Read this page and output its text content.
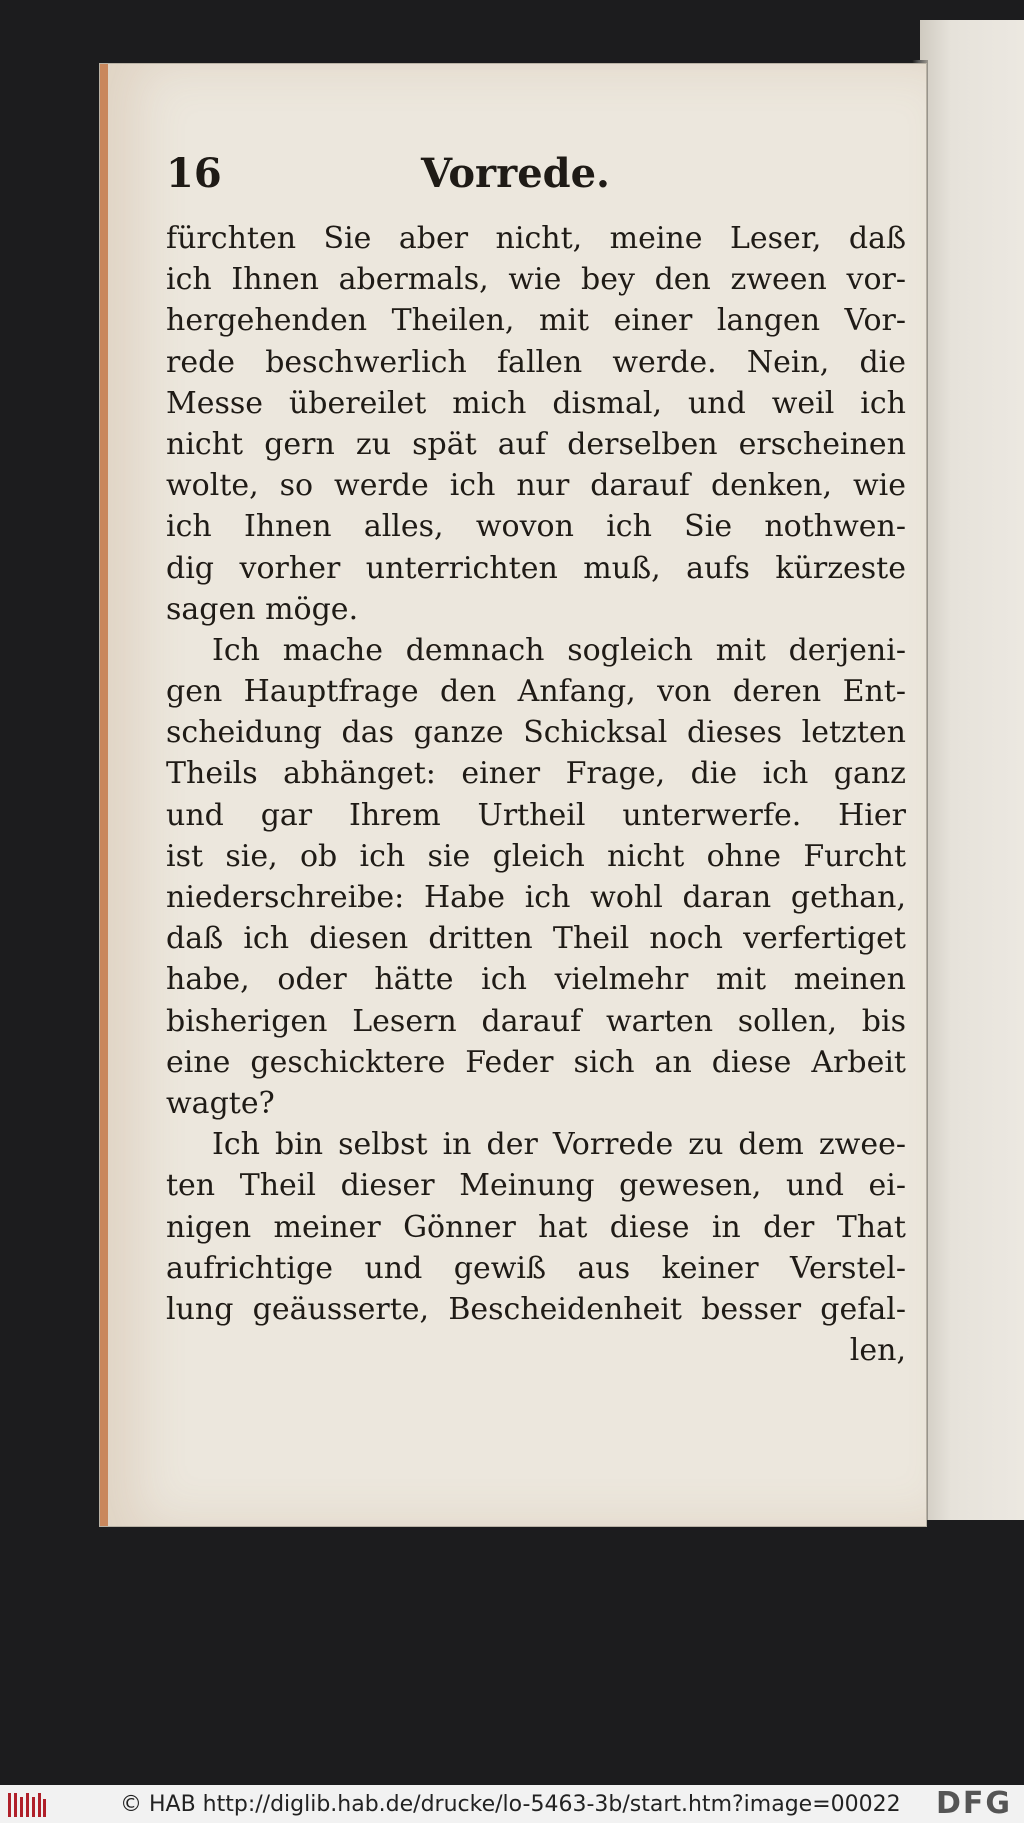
16	Vorrede.
fürchten Sie aber nicht, meine Leser, daß
ich Ihnen abermals, wie bey den zween vor-
hergehenden Theilen, mit einer langen Vor-
rede beschwerlich fallen werde. Nein, die
Messe übereilet mich dismal, und weil ich
nicht gern zu spät auf derselben erscheinen
wolte, so werde ich nur darauf denken, wie
ich Ihnen alles, wovon ich Sie nothwen-
dig vorher unterrichten muß, aufs kürzeste
sagen möge.
Ich mache demnach sogleich mit derjeni-
gen Hauptfrage den Anfang, von deren Ent-
scheidung das ganze Schicksal dieses letzten
Theils abhänget: einer Frage, die ich ganz
und gar Ihrem Urtheil unterwerfe. Hier
ist sie, ob ich sie gleich nicht ohne Furcht
niederschreibe: Habe ich wohl daran gethan,
daß ich diesen dritten Theil noch verfertiget
habe, oder hätte ich vielmehr mit meinen
bisherigen Lesern darauf warten sollen, bis
eine geschicktere Feder sich an diese Arbeit
wagte?
Ich bin selbst in der Vorrede zu dem zwee-
ten Theil dieser Meinung gewesen, und ei-
nigen meiner Gönner hat diese in der That
aufrichtige und gewiß aus keiner Verstel-
lung geäusserte, Bescheidenheit besser gefal-
len,
© HAB http://diglib.hab.de/drucke/lo-5463-3b/start.htm?image=00022 DFG
